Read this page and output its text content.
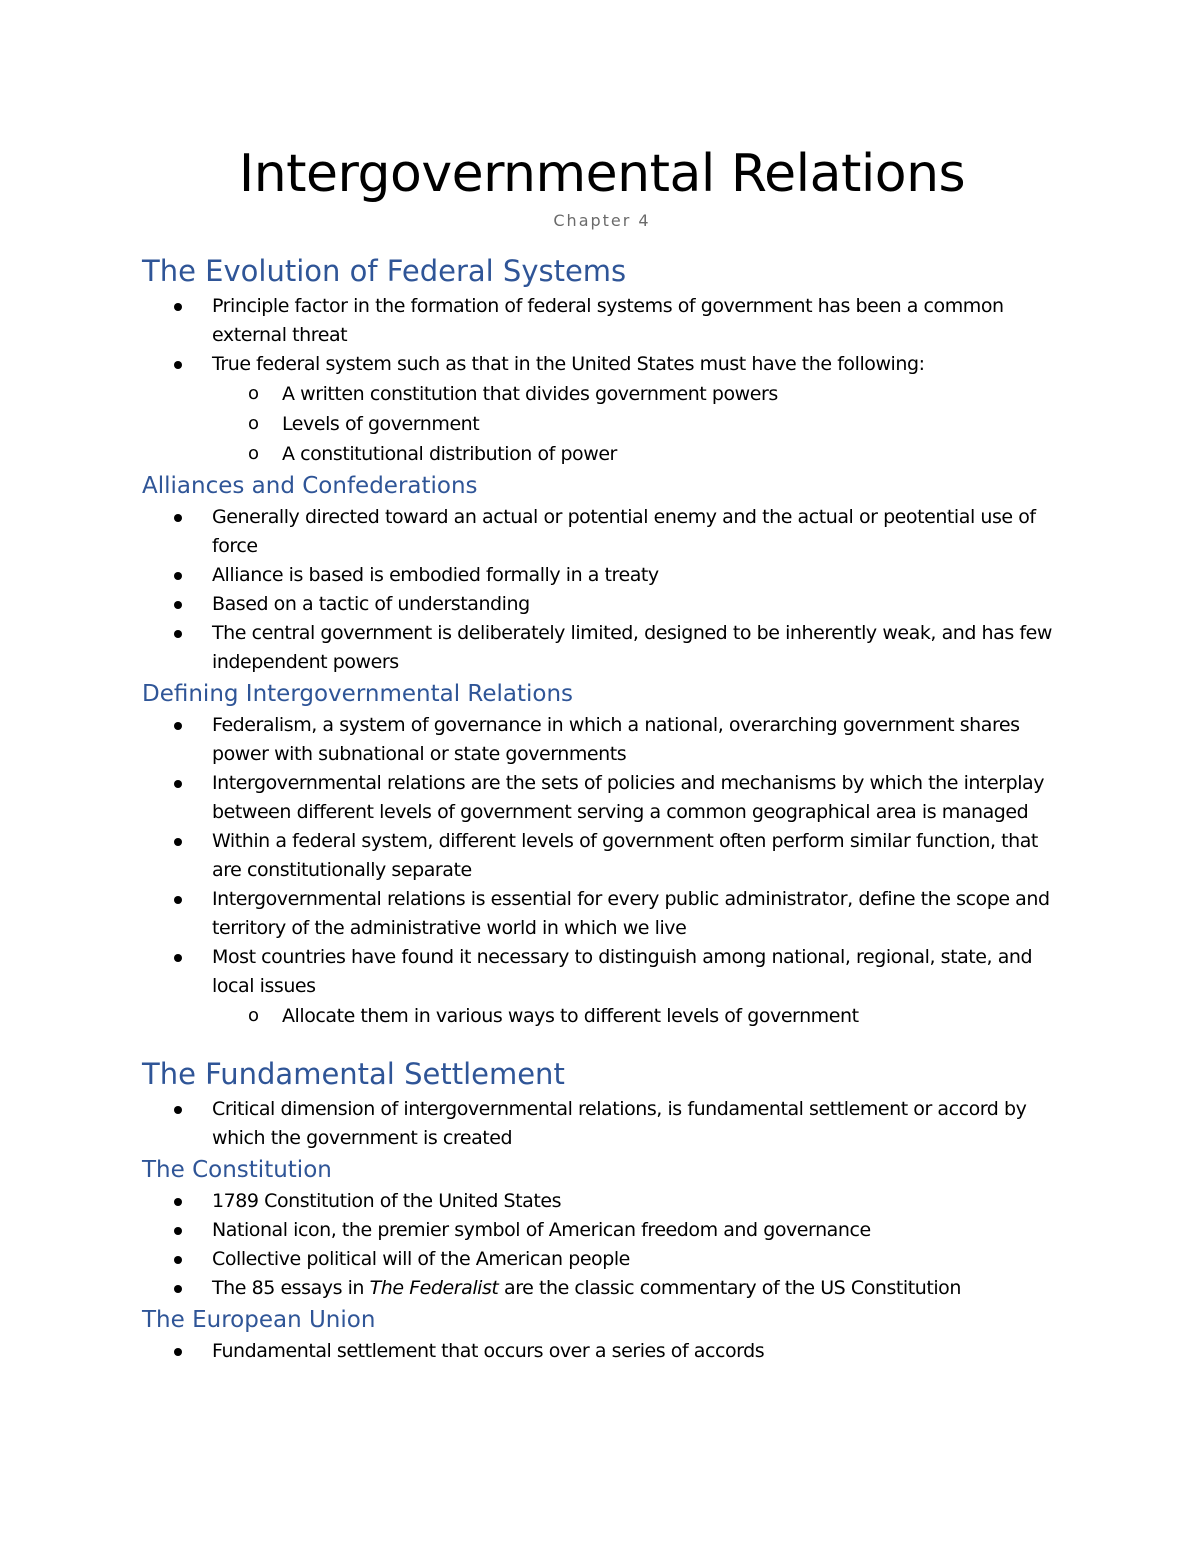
Intergovernmental Relations
Chapter 4
The Evolution of Federal Systems
Principle factor in the formation of federal systems of government has been a common external threat
True federal system such as that in the United States must have the following:
o A written constitution that divides government powers
o Levels of government
o A constitutional distribution of power
Alliances and Confederations
Generally directed toward an actual or potential enemy and the actual or peotential use of force
Alliance is based is embodied formally in a treaty
Based on a tactic of understanding
The central government is deliberately limited, designed to be inherently weak, and has few independent powers
Defining Intergovernmental Relations
Federalism, a system of governance in which a national, overarching government shares power with subnational or state governments
Intergovernmental relations are the sets of policies and mechanisms by which the interplay between different levels of government serving a common geographical area is managed
Within a federal system, different levels of government often perform similar function, that are constitutionally separate
Intergovernmental relations is essential for every public administrator, define the scope and territory of the administrative world in which we live
Most countries have found it necessary to distinguish among national, regional, state, and local issues
o Allocate them in various ways to different levels of government
The Fundamental Settlement
Critical dimension of intergovernmental relations, is fundamental settlement or accord by which the government is created
The Constitution
1789 Constitution of the United States
National icon, the premier symbol of American freedom and governance
Collective political will of the American people
The 85 essays in The Federalist are the classic commentary of the US Constitution
The European Union
Fundamental settlement that occurs over a series of accords
